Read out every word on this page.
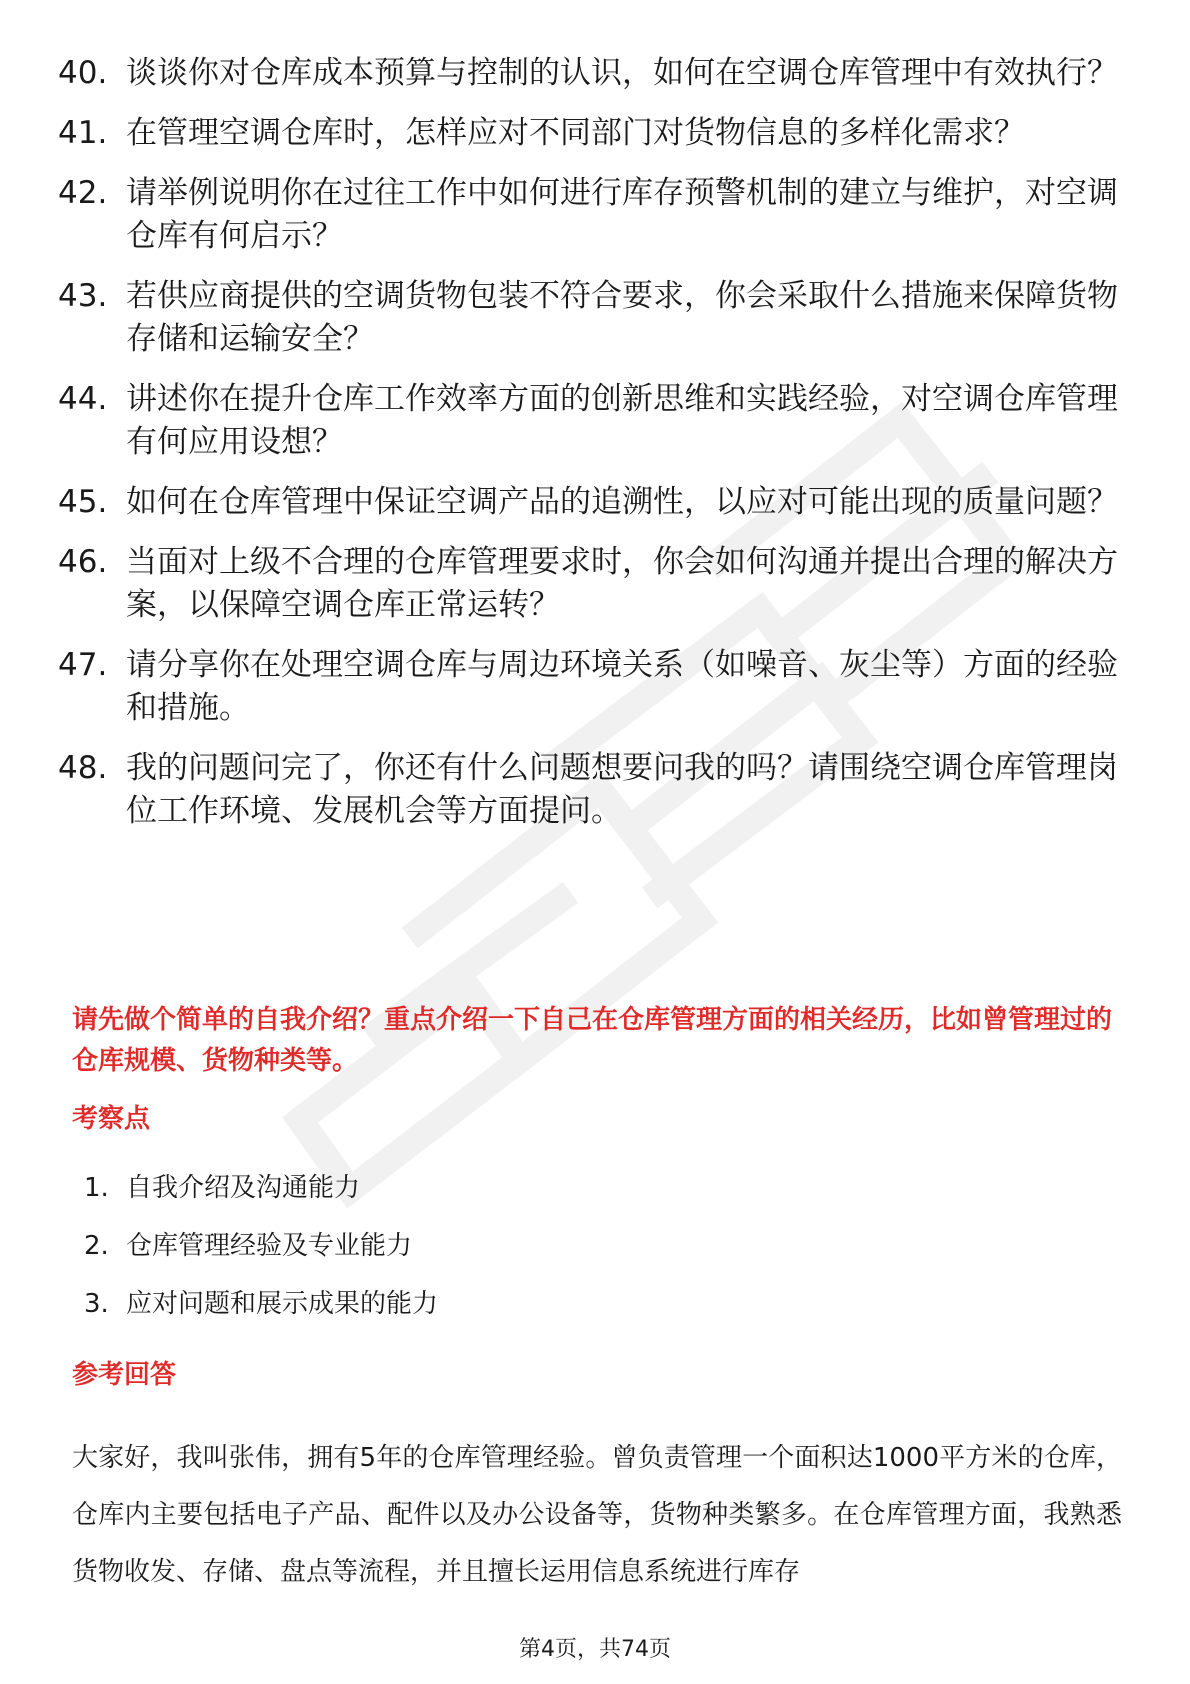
40. 谈谈你对仓库成本预算与控制的认识，如何在空调仓库管理中有效执行？
41. 在管理空调仓库时，怎样应对不同部门对货物信息的多样化需求？
42. 请举例说明你在过往工作中如何进行库存预警机制的建立与维护，对空调仓库有何启示？
43. 若供应商提供的空调货物包装不符合要求，你会采取什么措施来保障货物存储和运输安全？
44. 讲述你在提升仓库工作效率方面的创新思维和实践经验，对空调仓库管理有何应用设想？
45. 如何在仓库管理中保证空调产品的追溯性，以应对可能出现的质量问题？
46. 当面对上级不合理的仓库管理要求时，你会如何沟通并提出合理的解决方案，以保障空调仓库正常运转？
47. 请分享你在处理空调仓库与周边环境关系（如噪音、灰尘等）方面的经验和措施。
48. 我的问题问完了，你还有什么问题想要问我的吗？请围绕空调仓库管理岗位工作环境、发展机会等方面提问。

请先做个简单的自我介绍？重点介绍一下自己在仓库管理方面的相关经历，比如曾管理过的仓库规模、货物种类等。

考察点
1. 自我介绍及沟通能力
2. 仓库管理经验及专业能力
3. 应对问题和展示成果的能力
参考回答

大家好，我叫张伟，拥有5年的仓库管理经验。曾负责管理一个面积达1000平方米的仓库，仓库内主要包括电子产品、配件以及办公设备等，货物种类繁多。在仓库管理方面，我熟悉货物收发、存储、盘点等流程，并且擅长运用信息系统进行库存

第4页，共74页
